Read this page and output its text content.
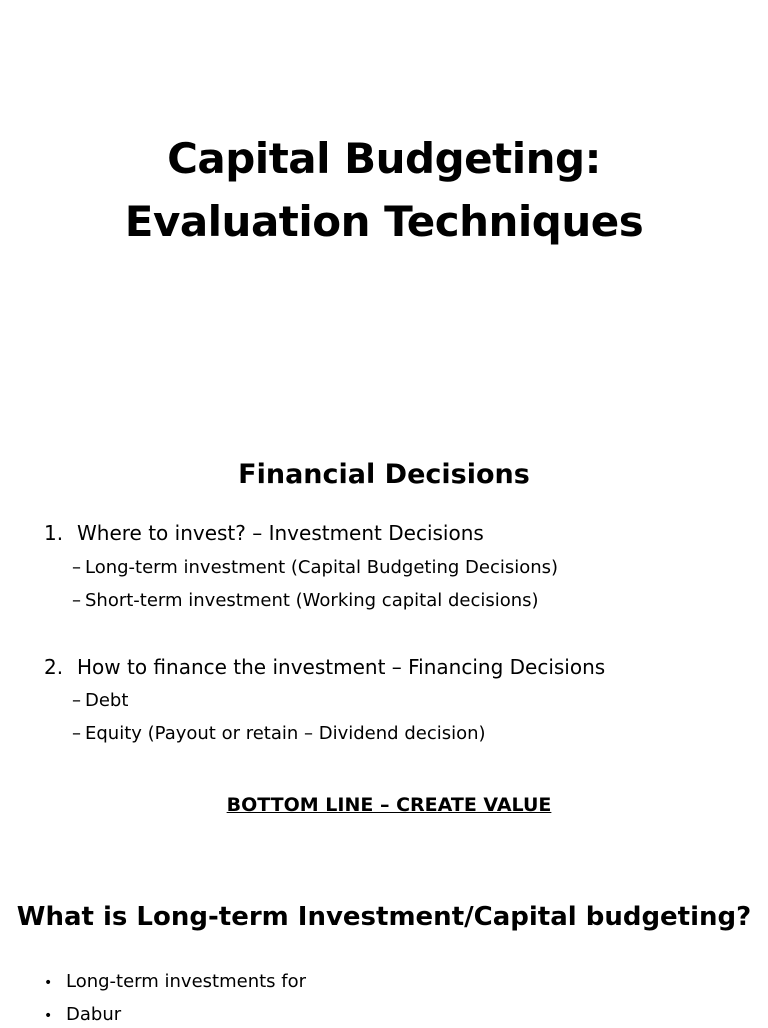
Capital Budgeting:
Evaluation Techniques
Financial Decisions
1. Where to invest? – Investment Decisions
– Long-term investment (Capital Budgeting Decisions)
– Short-term investment (Working capital decisions)
2. How to finance the investment – Financing Decisions
– Debt
– Equity (Payout or retain – Dividend decision)
BOTTOM LINE – CREATE VALUE
What is Long-term Investment/Capital budgeting?
• Long-term investments for
• Dabur
